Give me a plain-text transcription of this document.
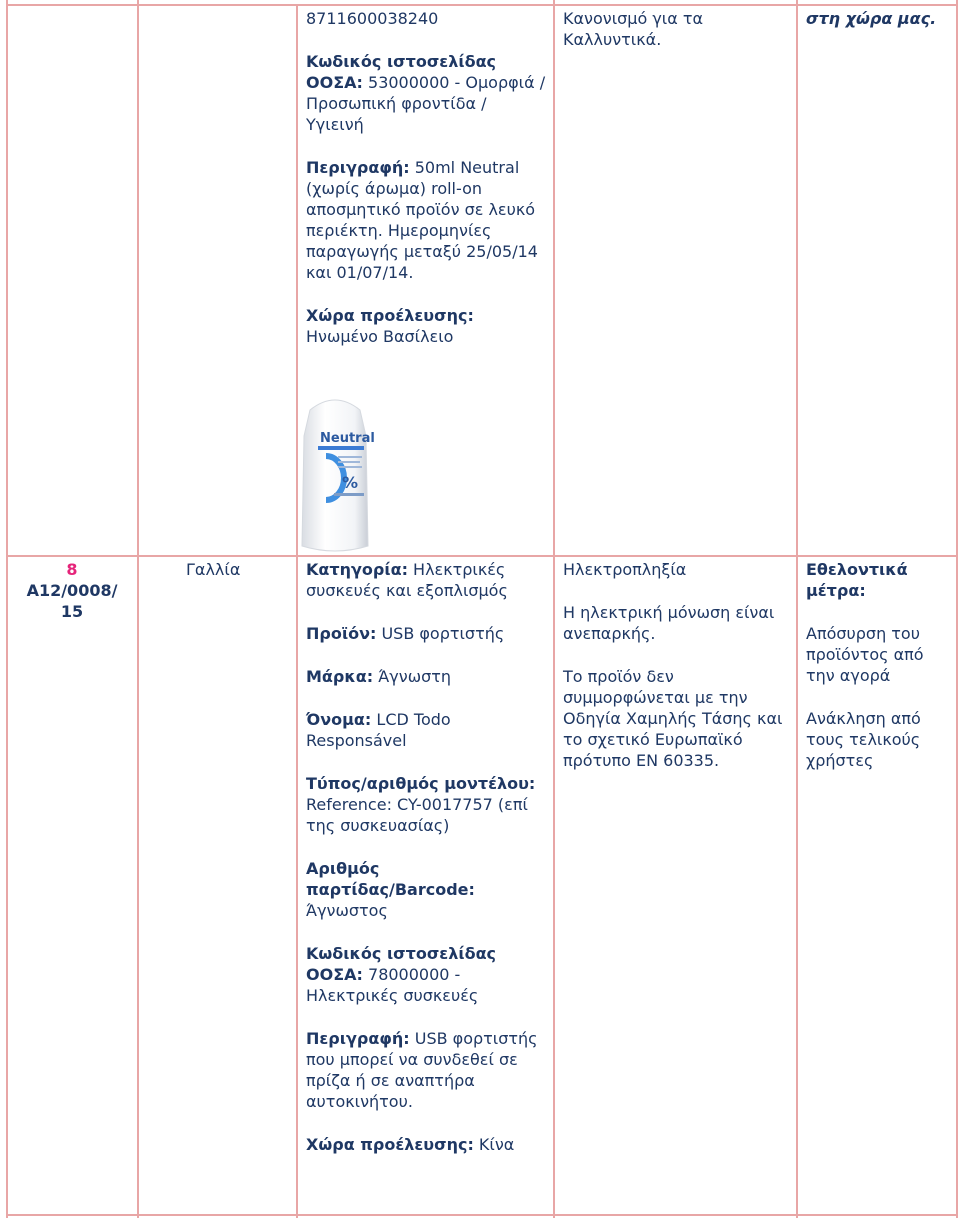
8711600038240

Κωδικός ιστοσελίδας ΟΟΣΑ: 53000000 - Ομορφιά / Προσωπική φροντίδα / Υγιεινή

Περιγραφή: 50ml Neutral (χωρίς άρωμα) roll-on αποσμητικό προϊόν σε λευκό περιέκτη. Ημερομηνίες παραγωγής μεταξύ 25/05/14 και 01/07/14.

Χώρα προέλευσης:

Ηνωμένο Βασίλειο

Neutral
%

Κανονισμό για τα Καλλυντικά.

στη χώρα μας.

8
A12/0008/ 15
Γαλλία	Κατηγορία: Ηλεκτρικές συσκευές και εξοπλισμός

Προϊόν: USB φορτιστής

Μάρκα: Άγνωστη

Όνομα: LCD Todo Responsável

Τύπος/αριθμός μοντέλου: Reference: CY-0017757 (επί της συσκευασίας)

Αριθμός παρτίδας/Barcode: Άγνωστος

Κωδικός ιστοσελίδας ΟΟΣΑ: 78000000 - Ηλεκτρικές συσκευές

Περιγραφή: USB φορτιστής που μπορεί να συνδεθεί σε πρίζα ή σε αναπτήρα αυτοκινήτου.

Χώρα προέλευσης: Κίνα

Ηλεκτροπληξία

Η ηλεκτρική μόνωση είναι ανεπαρκής.

Το προϊόν δεν συμμορφώνεται με την Οδηγία Χαμηλής Τάσης και το σχετικό Ευρωπαϊκό πρότυπο EN 60335.

Εθελοντικά μέτρα:

Απόσυρση του προϊόντος από την αγορά

Ανάκληση από τους τελικούς χρήστες
